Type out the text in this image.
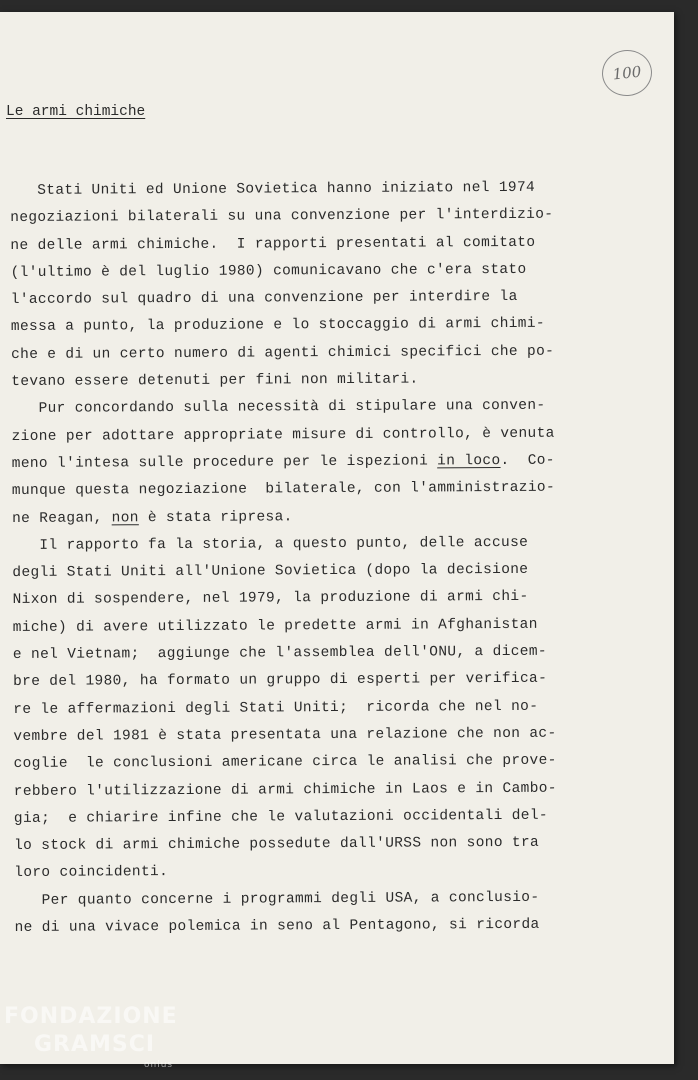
100
Le armi chimiche
Stati Uniti ed Unione Sovietica hanno iniziato nel 1974
negoziazioni bilaterali su una convenzione per l'interdizio-
ne delle armi chimiche.  I rapporti presentati al comitato
(l'ultimo è del luglio 1980) comunicavano che c'era stato
l'accordo sul quadro di una convenzione per interdire la
messa a punto, la produzione e lo stoccaggio di armi chimi-
che e di un certo numero di agenti chimici specifici che po-
tevano essere detenuti per fini non militari.
Pur concordando sulla necessità di stipulare una conven-
zione per adottare appropriate misure di controllo, è venuta
meno l'intesa sulle procedure per le ispezioni in loco.  Co-
munque questa negoziazione  bilaterale, con l'amministrazio-
ne Reagan, non è stata ripresa.
Il rapporto fa la storia, a questo punto, delle accuse
degli Stati Uniti all'Unione Sovietica (dopo la decisione
Nixon di sospendere, nel 1979, la produzione di armi chi-
miche) di avere utilizzato le predette armi in Afghanistan
e nel Vietnam;  aggiunge che l'assemblea dell'ONU, a dicem-
bre del 1980, ha formato un gruppo di esperti per verifica-
re le affermazioni degli Stati Uniti;  ricorda che nel no-
vembre del 1981 è stata presentata una relazione che non ac-
coglie  le conclusioni americane circa le analisi che prove-
rebbero l'utilizzazione di armi chimiche in Laos e in Cambo-
gia;  e chiarire infine che le valutazioni occidentali del-
lo stock di armi chimiche possedute dall'URSS non sono tra
loro coincidenti.
Per quanto concerne i programmi degli USA, a conclusio-
ne di una vivace polemica in seno al Pentagono, si ricorda
FONDAZIONE
GRAMSCI
onlus
